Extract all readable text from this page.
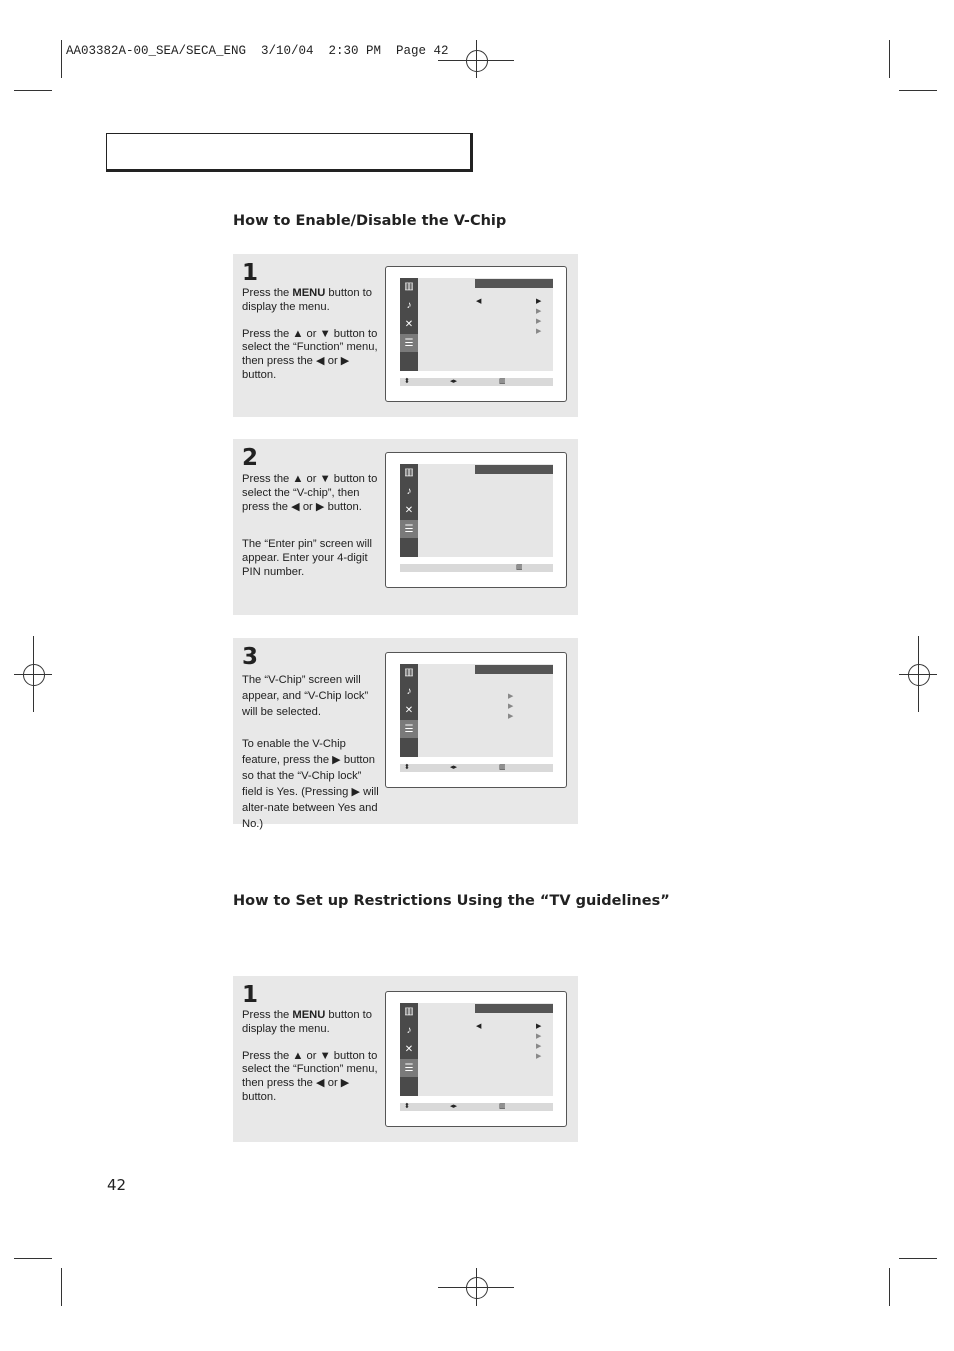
AA03382A-00_SEA/SECA_ENG  3/10/04  2:30 PM  Page 42
How to Enable/Disable the V-Chip
1

Press the MENU button to display the menu.

Press the ▲ or ▼ button to select the “Function” menu, then press the ◀ or ▶ button.

▥
♪
✕
☰
◀	▶
▶
▶
▶
⬍	◂▸	▥
2

Press the ▲ or ▼ button to select the “V-chip”, then press the ◀ or ▶ button.

The “Enter pin” screen will appear. Enter your 4-digit PIN number.

▥
♪
✕
☰
▥
3

The “V-Chip” screen will appear, and “V-Chip lock” will be selected.

To enable the V-Chip feature, press the ▶ button so that the “V-Chip lock” field is Yes. (Pressing ▶ will alter-nate between Yes and No.)

▥
♪
✕
☰
▶
▶
▶
⬍	◂▸	▥
How to Set up Restrictions Using the “TV guidelines”
1

Press the MENU button to display the menu.

Press the ▲ or ▼ button to select the “Function” menu, then press the ◀ or ▶ button.

▥
♪
✕
☰
◀	▶
▶
▶
▶
⬍	◂▸	▥
42
